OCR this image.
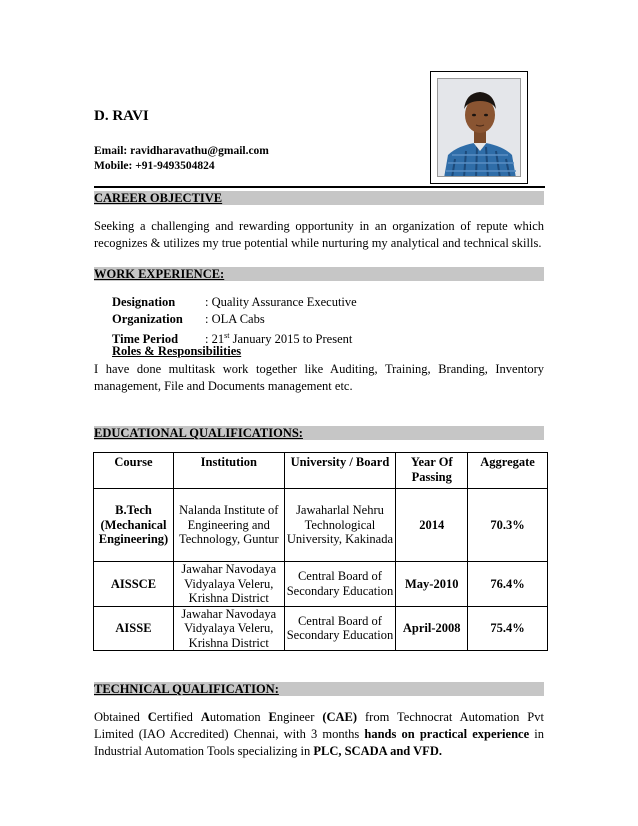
D. RAVI
Email: ravidharavathu@gmail.com
Mobile: +91-9493504824
CAREER OBJECTIVE
Seeking a challenging and rewarding opportunity in an organization of repute which recognizes & utilizes my true potential while nurturing my analytical and technical skills.
WORK EXPERIENCE:
Designation : Quality Assurance Executive
Organization : OLA Cabs
Time Period : 21st January 2015 to Present
Roles & Responsibilities
I have done multitask work together like Auditing, Training, Branding, Inventory management, File and Documents management etc.
EDUCATIONAL QUALIFICATIONS:
Course	Institution	University / Board	Year Of Passing	Aggregate
B.Tech (Mechanical Engineering)	Nalanda Institute of Engineering and Technology, Guntur	Jawaharlal Nehru Technological University, Kakinada	2014	70.3%
AISSCE	Jawahar Navodaya Vidyalaya Veleru, Krishna District	Central Board of Secondary Education	May-2010	76.4%
AISSE	Jawahar Navodaya Vidyalaya Veleru, Krishna District	Central Board of Secondary Education	April-2008	75.4%
TECHNICAL QUALIFICATION:
Obtained Certified Automation Engineer (CAE) from Technocrat Automation Pvt Limited (IAO Accredited) Chennai, with 3 months hands on practical experience in Industrial Automation Tools specializing in PLC, SCADA and VFD.
